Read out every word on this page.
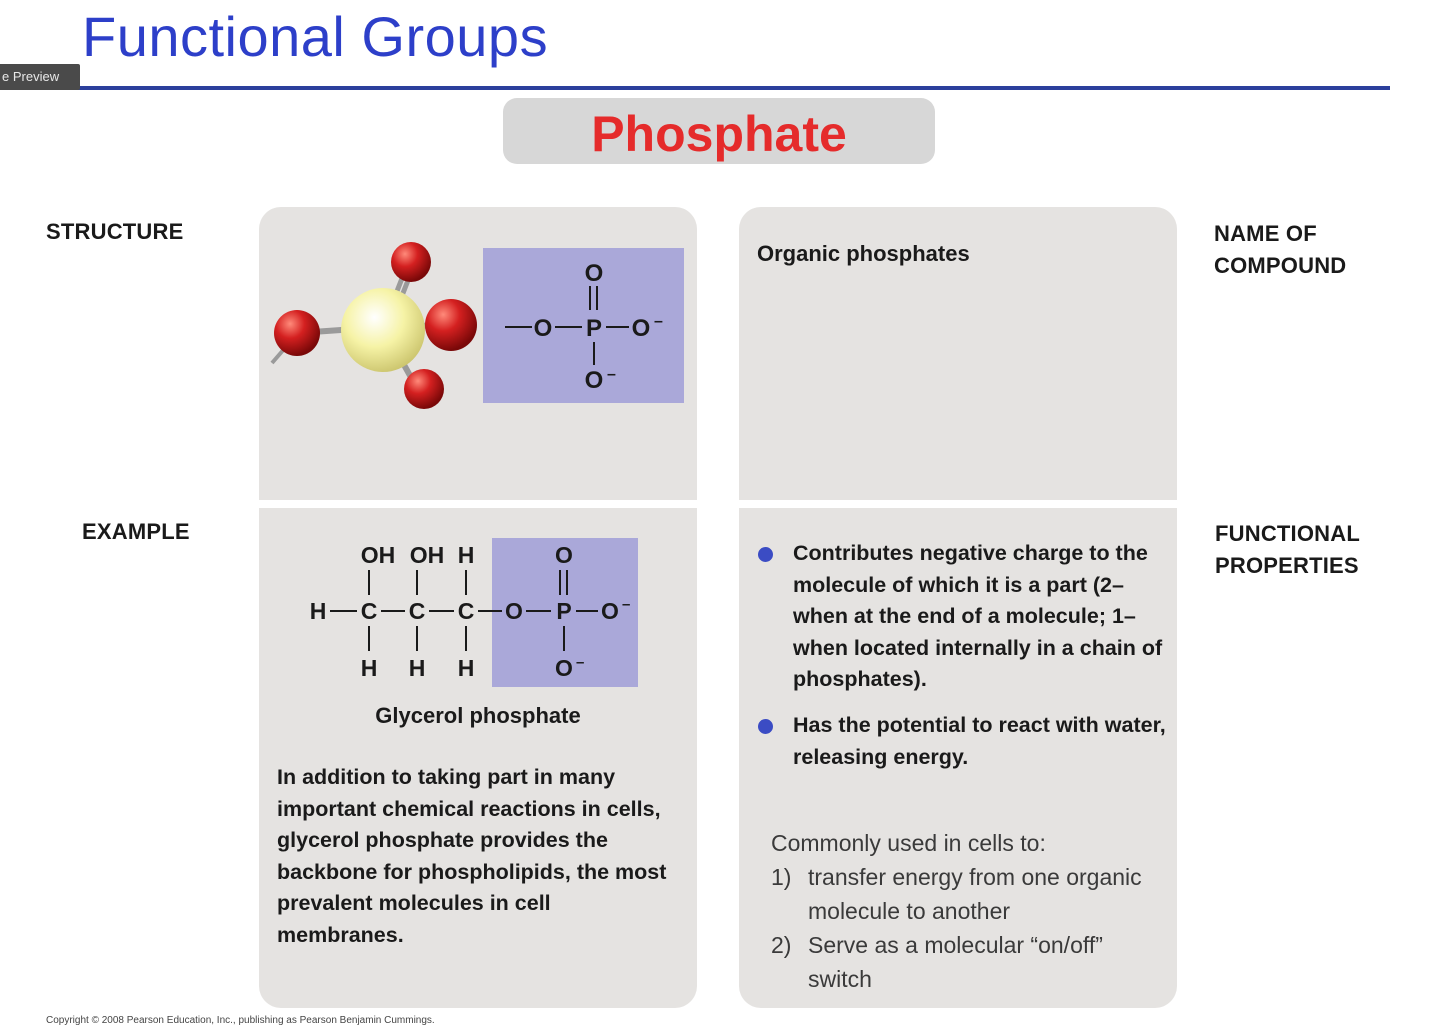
Functional Groups
e Preview
Phosphate
STRUCTURE
EXAMPLE
NAME OF
COMPOUND
FUNCTIONAL
PROPERTIES
O
O P O –
O –
OH OH H	O
H C C C O P O –
H H H	O –
Glycerol phosphate
In addition to taking part in many important chemical reactions in cells, glycerol phosphate provides the backbone for phospholipids, the most prevalent molecules in cell membranes.
Organic phosphates
Contributes negative charge to the molecule of which it is a part (2– when at the end of a molecule; 1– when located internally in a chain of phosphates).
Has the potential to react with water, releasing energy.
Commonly used in cells to:
1) transfer energy from one organic molecule to another
2) Serve as a molecular “on/off” switch
Copyright © 2008 Pearson Education, Inc., publishing as Pearson Benjamin Cummings.
